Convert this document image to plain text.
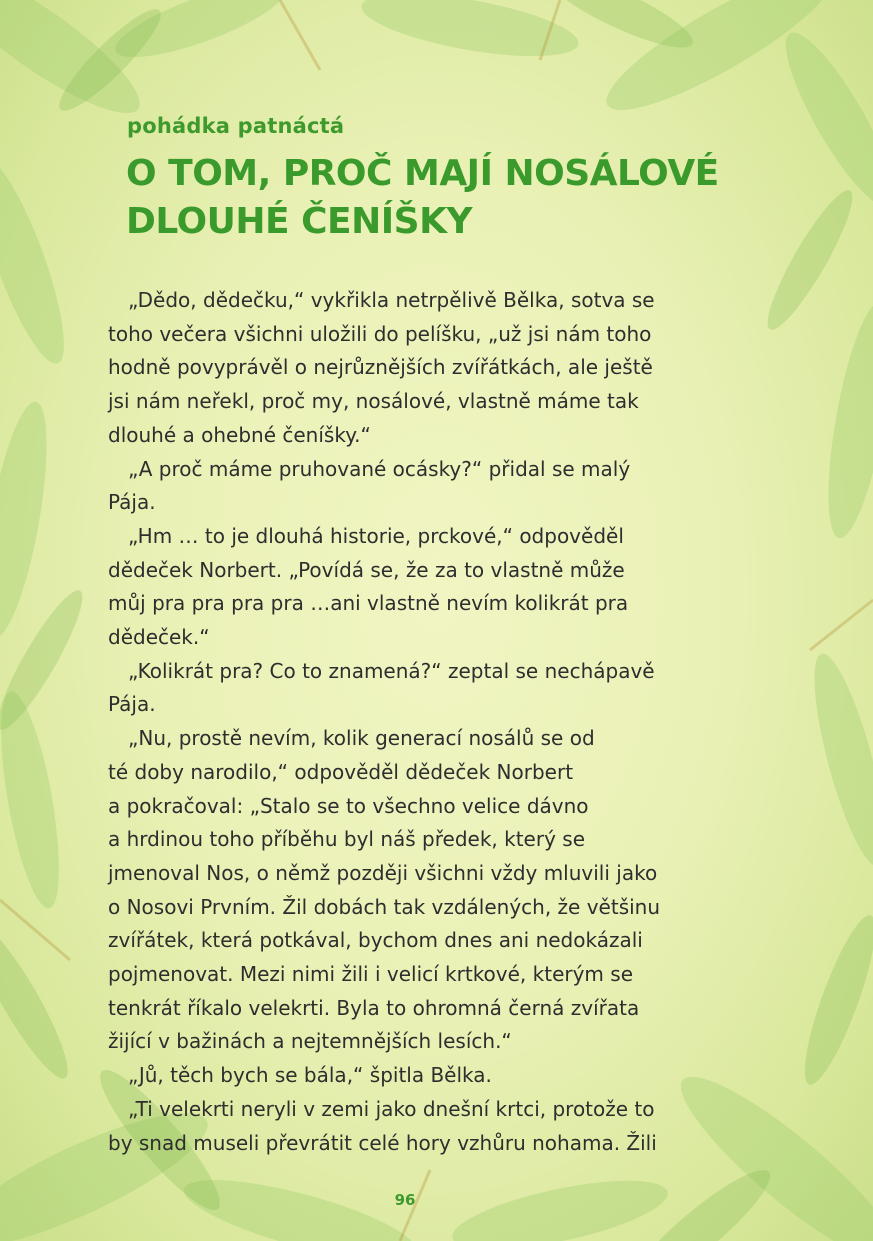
pohádka patnáctá
O TOM, PROČ MAJÍ NOSÁLOVÉ
DLOUHÉ ČENÍŠKY
„Dědo, dědečku,“ vykřikla netrpělivě Bělka, sotva se
toho večera všichni uložili do pelíšku, „už jsi nám toho
hodně povyprávěl o nejrůznějších zvířátkách, ale ještě
jsi nám neřekl, proč my, nosálové, vlastně máme tak
dlouhé a ohebné čeníšky.“
„A proč máme pruhované ocásky?“ přidal se malý
Pája.
„Hm … to je dlouhá historie, prckové,“ odpověděl
dědeček Norbert. „Povídá se, že za to vlastně může
můj pra pra pra pra …ani vlastně nevím kolikrát pra
dědeček.“
„Kolikrát pra? Co to znamená?“ zeptal se nechápavě
Pája.
„Nu, prostě nevím, kolik generací nosálů se od
té doby narodilo,“ odpověděl dědeček Norbert
a pokračoval: „Stalo se to všechno velice dávno
a hrdinou toho příběhu byl náš předek, který se
jmenoval Nos, o němž později všichni vždy mluvili jako
o Nosovi Prvním. Žil dobách tak vzdálených, že většinu
zvířátek, která potkával, bychom dnes ani nedokázali
pojmenovat. Mezi nimi žili i velicí krtkové, kterým se
tenkrát říkalo velekrti. Byla to ohromná černá zvířata
žijící v bažinách a nejtemnějších lesích.“
„Jů, těch bych se bála,“ špitla Bělka.
„Ti velekrti neryli v zemi jako dnešní krtci, protože to
by snad museli převrátit celé hory vzhůru nohama. Žili
96
